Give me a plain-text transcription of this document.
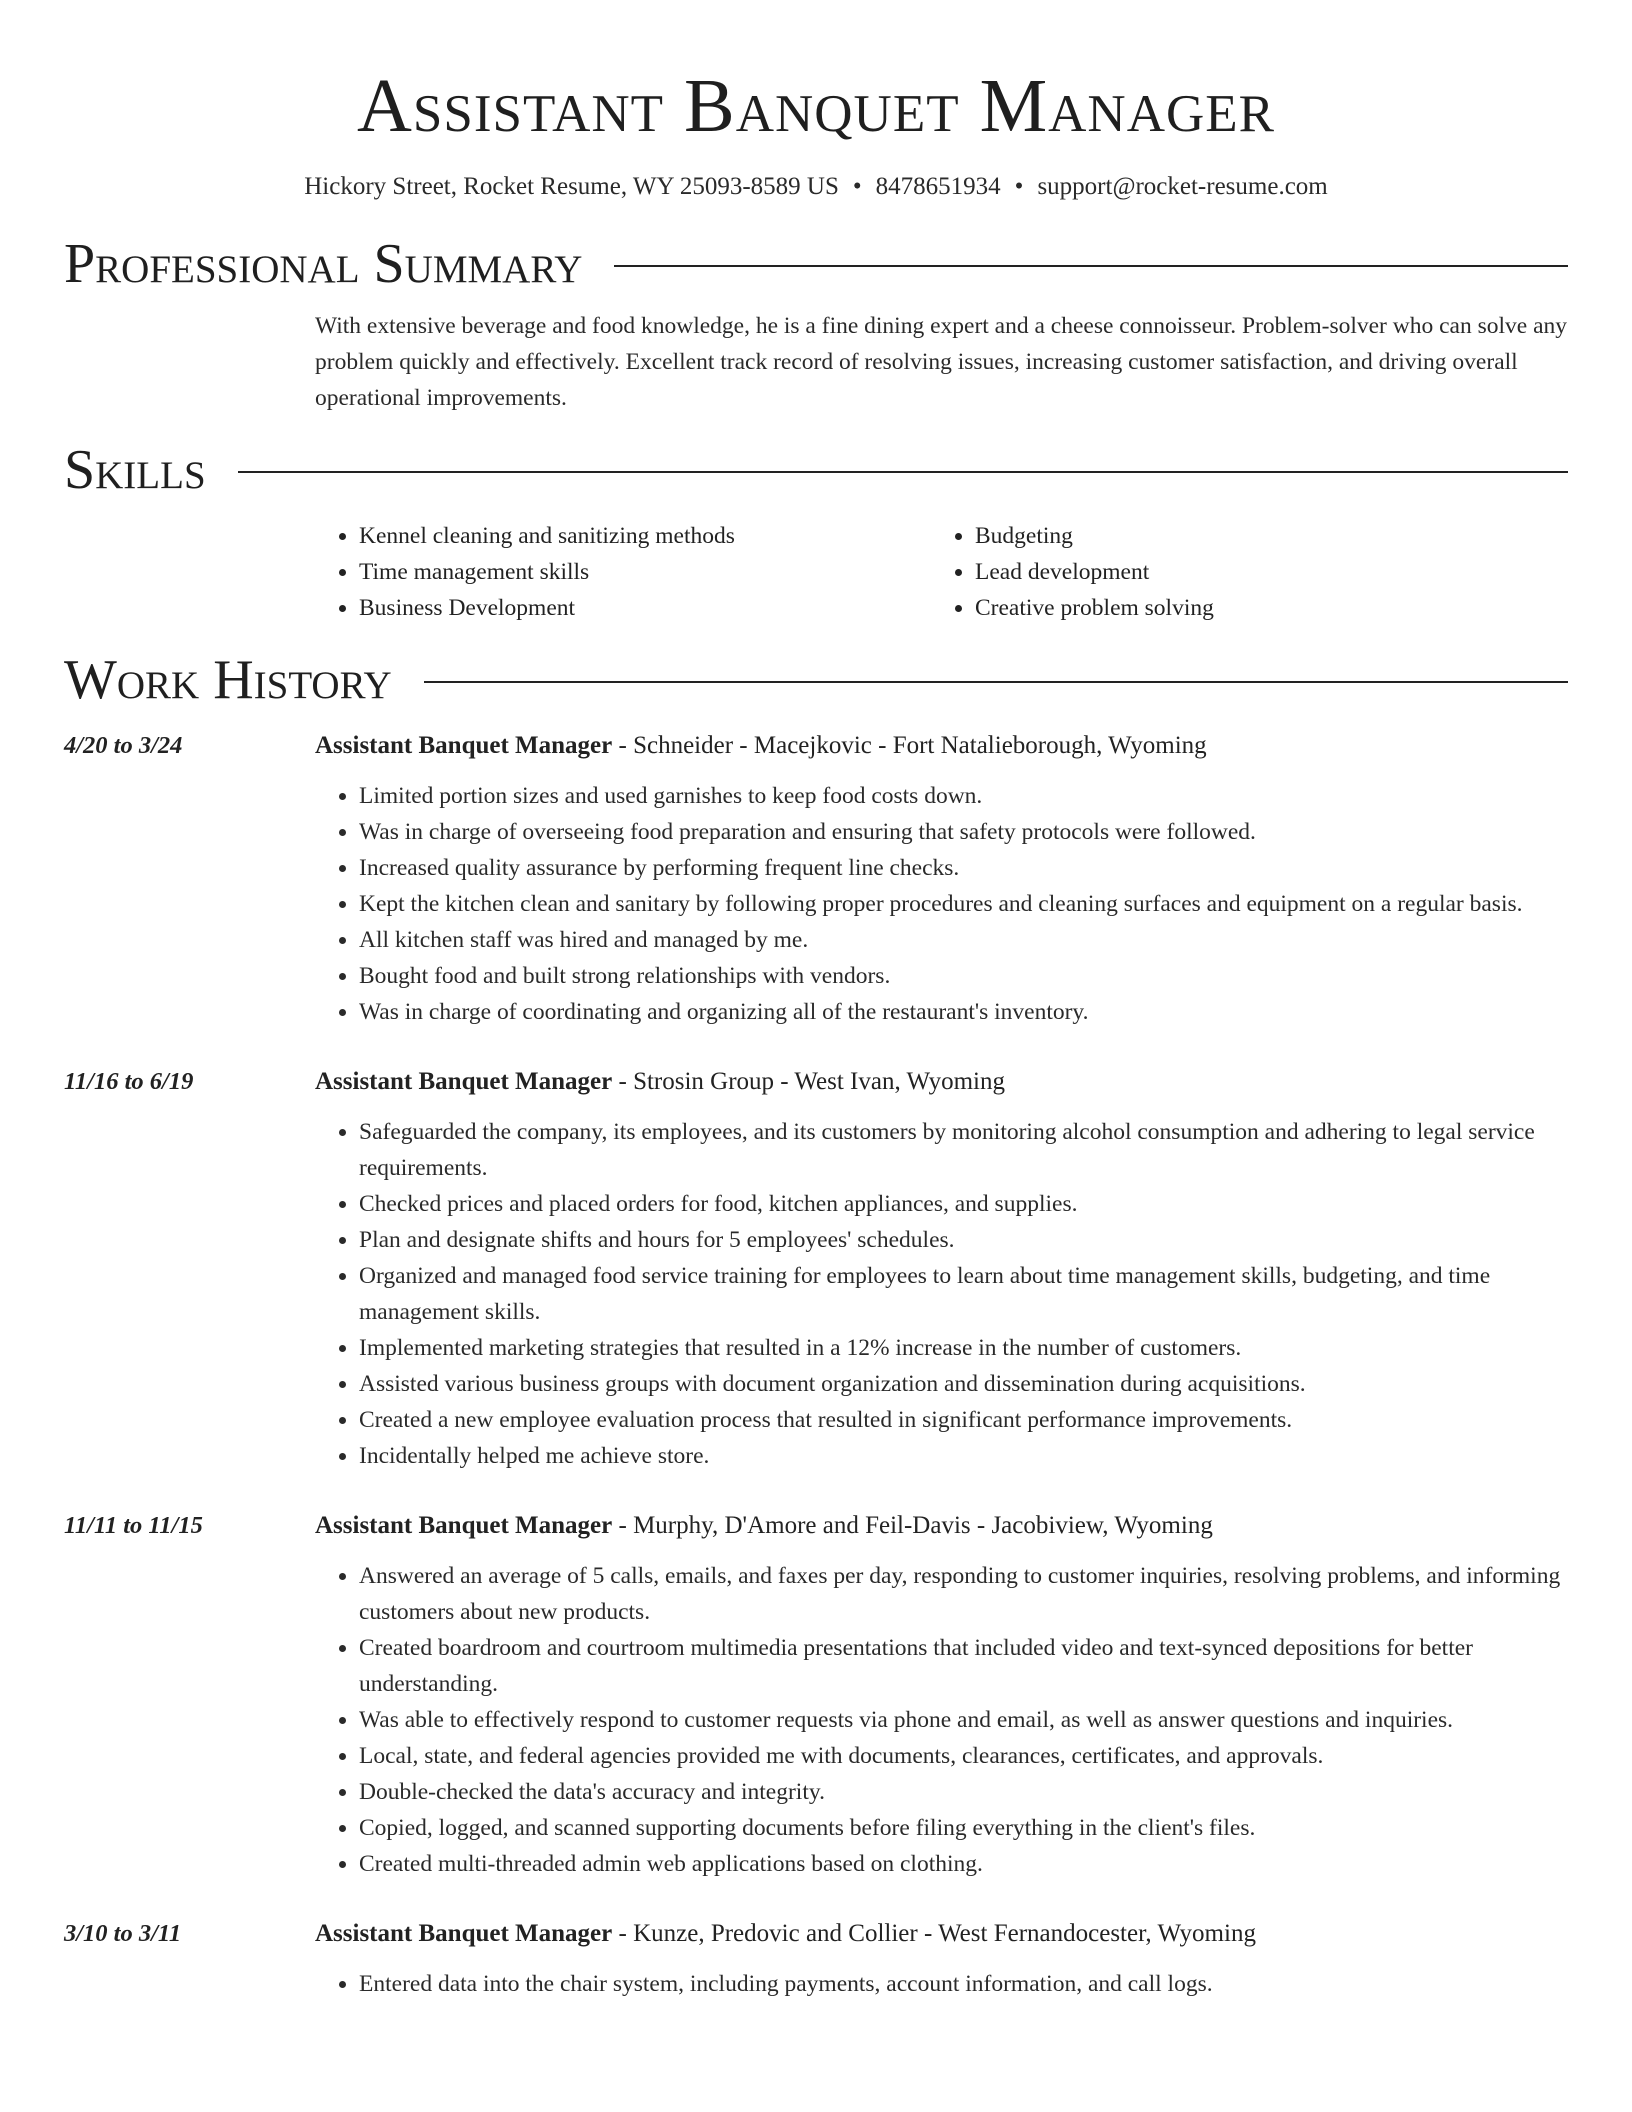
Assistant Banquet Manager
Hickory Street, Rocket Resume, WY 25093-8589 US • 8478651934 • support@rocket-resume.com
Professional Summary
With extensive beverage and food knowledge, he is a fine dining expert and a cheese connoisseur. Problem-solver who can solve any problem quickly and effectively. Excellent track record of resolving issues, increasing customer satisfaction, and driving overall operational improvements.
Skills
• Kennel cleaning and sanitizing methods
• Time management skills
• Business Development
• Budgeting
• Lead development
• Creative problem solving
Work History
4/20 to 3/24	Assistant Banquet Manager - Schneider - Macejkovic - Fort Natalieborough, Wyoming
• Limited portion sizes and used garnishes to keep food costs down.
• Was in charge of overseeing food preparation and ensuring that safety protocols were followed.
• Increased quality assurance by performing frequent line checks.
• Kept the kitchen clean and sanitary by following proper procedures and cleaning surfaces and equipment on a regular basis.
• All kitchen staff was hired and managed by me.
• Bought food and built strong relationships with vendors.
• Was in charge of coordinating and organizing all of the restaurant's inventory.
11/16 to 6/19	Assistant Banquet Manager - Strosin Group - West Ivan, Wyoming
• Safeguarded the company, its employees, and its customers by monitoring alcohol consumption and adhering to legal service requirements.
• Checked prices and placed orders for food, kitchen appliances, and supplies.
• Plan and designate shifts and hours for 5 employees' schedules.
• Organized and managed food service training for employees to learn about time management skills, budgeting, and time management skills.
• Implemented marketing strategies that resulted in a 12% increase in the number of customers.
• Assisted various business groups with document organization and dissemination during acquisitions.
• Created a new employee evaluation process that resulted in significant performance improvements.
• Incidentally helped me achieve store.
11/11 to 11/15	Assistant Banquet Manager - Murphy, D'Amore and Feil-Davis - Jacobiview, Wyoming
• Answered an average of 5 calls, emails, and faxes per day, responding to customer inquiries, resolving problems, and informing customers about new products.
• Created boardroom and courtroom multimedia presentations that included video and text-synced depositions for better understanding.
• Was able to effectively respond to customer requests via phone and email, as well as answer questions and inquiries.
• Local, state, and federal agencies provided me with documents, clearances, certificates, and approvals.
• Double-checked the data's accuracy and integrity.
• Copied, logged, and scanned supporting documents before filing everything in the client's files.
• Created multi-threaded admin web applications based on clothing.
3/10 to 3/11	Assistant Banquet Manager - Kunze, Predovic and Collier - West Fernandocester, Wyoming
• Entered data into the chair system, including payments, account information, and call logs.
